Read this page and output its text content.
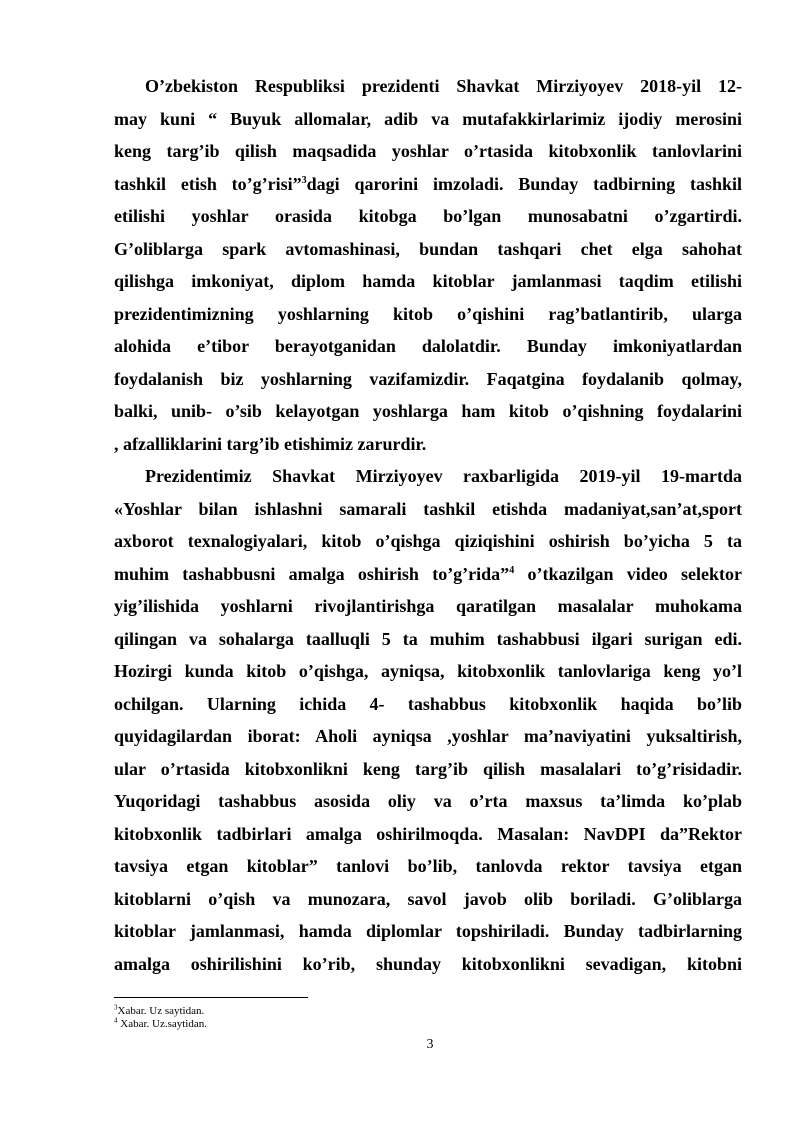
O’zbekiston Respubliksi prezidenti Shavkat Mirziyoyev 2018-yil 12-
may kuni “ Buyuk allomalar, adib va mutafakkirlarimiz ijodiy merosini
keng targ’ib qilish maqsadida yoshlar o’rtasida kitobxonlik tanlovlarini
tashkil etish to’g’risi”$^3$dagi qarorini imzoladi. Bunday tadbirning tashkil
etilishi yoshlar orasida kitobga bo’lgan munosabatni o’zgartirdi.
G’oliblarga spark avtomashinasi, bundan tashqari chet elga sahohat
qilishga imkoniyat, diplom hamda kitoblar jamlanmasi taqdim etilishi
prezidentimizning yoshlarning kitob o’qishini rag’batlantirib, ularga
alohida e’tibor berayotganidan dalolatdir. Bunday imkoniyatlardan
foydalanish biz yoshlarning vazifamizdir. Faqatgina foydalanib qolmay,
balki, unib- o’sib kelayotgan yoshlarga ham kitob o’qishning foydalarini
, afzalliklarini targ’ib etishimiz zarurdir.
Prezidentimiz Shavkat Mirziyoyev raxbarligida 2019-yil 19-martda
«Yoshlar bilan ishlashni samarali tashkil etishda madaniyat,san’at,sport
axborot texnalogiyalari, kitob o’qishga qiziqishini oshirish bo’yicha 5 ta
muhim tashabbusni amalga oshirish to’g’rida”$^4$ o’tkazilgan video selektor
yig’ilishida yoshlarni rivojlantirishga qaratilgan masalalar muhokama
qilingan va sohalarga taalluqli 5 ta muhim tashabbusi ilgari surigan edi.
Hozirgi kunda kitob o’qishga, ayniqsa, kitobxonlik tanlovlariga keng yo’l
ochilgan. Ularning ichida 4- tashabbus kitobxonlik haqida bo’lib
quyidagilardan iborat: Aholi ayniqsa ,yoshlar ma’naviyatini yuksaltirish,
ular o’rtasida kitobxonlikni keng targ’ib qilish masalalari to’g’risidadir.
Yuqoridagi tashabbus asosida oliy va o’rta maxsus ta’limda ko’plab
kitobxonlik tadbirlari amalga oshirilmoqda. Masalan: NavDPI da”Rektor
tavsiya etgan kitoblar” tanlovi bo’lib, tanlovda rektor tavsiya etgan
kitoblarni o’qish va munozara, savol javob olib boriladi. G’oliblarga
kitoblar jamlanmasi, hamda diplomlar topshiriladi. Bunday tadbirlarning
amalga oshirilishini ko’rib, shunday kitobxonlikni sevadigan, kitobni
$^3$Xabar. Uz saytidan.
$^4$ Xabar. Uz.saytidan.
3
